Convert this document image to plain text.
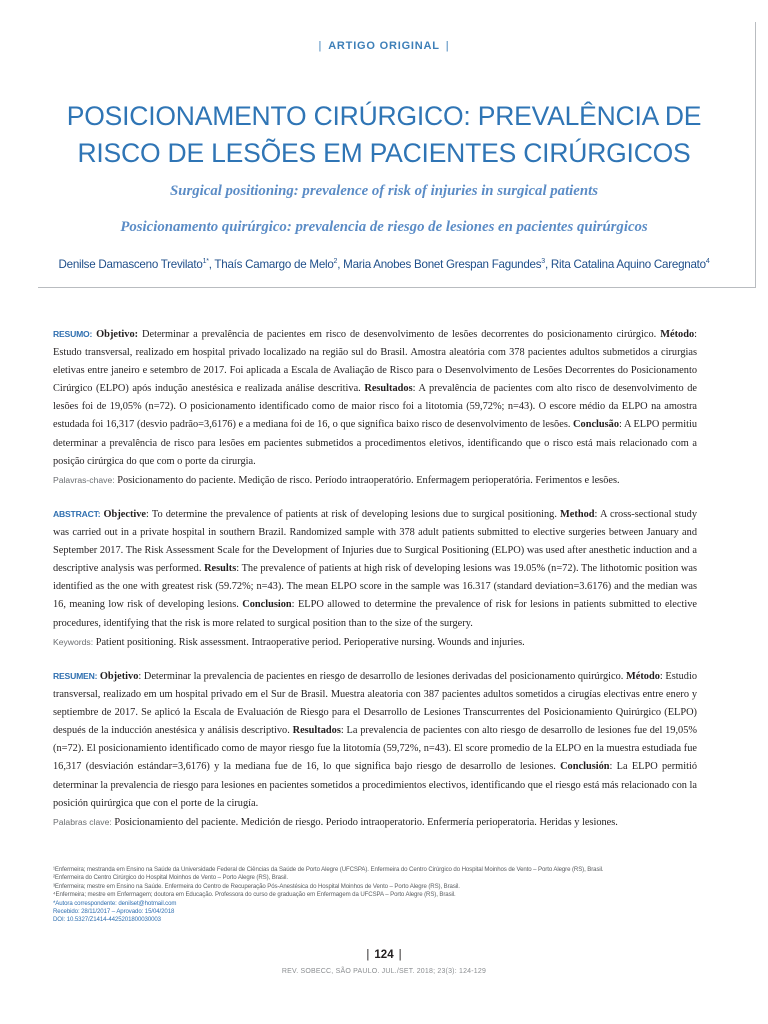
| ARTIGO ORIGINAL |
POSICIONAMENTO CIRÚRGICO: PREVALÊNCIA DE
RISCO DE LESÕES EM PACIENTES CIRÚRGICOS
Surgical positioning: prevalence of risk of injuries in surgical patients
Posicionamento quirúrgico: prevalencia de riesgo de lesiones en pacientes quirúrgicos
Denilse Damasceno Trevilato$^{1*}$, Thaís Camargo de Melo$^2$, Maria Anobes Bonet Grespan Fagundes$^3$, Rita Catalina Aquino Caregnato$^4$
RESUMO: Objetivo: Determinar a prevalência de pacientes em risco de desenvolvimento de lesões decorrentes do posicionamento cirúrgico. Método: Estudo transversal, realizado em hospital privado localizado na região sul do Brasil. Amostra aleatória com 378 pacientes adultos submetidos a cirurgias eletivas entre janeiro e setembro de 2017. Foi aplicada a Escala de Avaliação de Risco para o Desenvolvimento de Lesões Decorrentes do Posicionamento Cirúrgico (ELPO) após indução anestésica e realizada análise descritiva. Resultados: A prevalência de pacientes com alto risco de desenvolvimento de lesões foi de 19,05% (n=72). O posicionamento identificado como de maior risco foi a litotomia (59,72%; n=43). O escore médio da ELPO na amostra estudada foi 16,317 (desvio padrão=3,6176) e a mediana foi de 16, o que significa baixo risco de desenvolvimento de lesões. Conclusão: A ELPO permitiu determinar a prevalência de risco para lesões em pacientes submetidos a procedimentos eletivos, identificando que o risco está mais relacionado com a posição cirúrgica do que com o porte da cirurgia.
Palavras-chave: Posicionamento do paciente. Medição de risco. Período intraoperatório. Enfermagem perioperatória. Ferimentos e lesões.
ABSTRACT: Objective: To determine the prevalence of patients at risk of developing lesions due to surgical positioning. Method: A cross-sectional study was carried out in a private hospital in southern Brazil. Randomized sample with 378 adult patients submitted to elective surgeries between January and September 2017. The Risk Assessment Scale for the Development of Injuries due to Surgical Positioning (ELPO) was used after anesthetic induction and a descriptive analysis was performed. Results: The prevalence of patients at high risk of developing lesions was 19.05% (n=72). The lithotomic position was identified as the one with greatest risk (59.72%; n=43). The mean ELPO score in the sample was 16.317 (standard deviation=3.6176) and the median was 16, meaning low risk of developing lesions. Conclusion: ELPO allowed to determine the prevalence of risk for lesions in patients submitted to elective procedures, identifying that the risk is more related to surgical position than to the size of the surgery.
Keywords: Patient positioning. Risk assessment. Intraoperative period. Perioperative nursing. Wounds and injuries.
RESUMEN: Objetivo: Determinar la prevalencia de pacientes en riesgo de desarrollo de lesiones derivadas del posicionamento quirúrgico. Método: Estudio transversal, realizado em um hospital privado em el Sur de Brasil. Muestra aleatoria con 387 pacientes adultos sometidos a cirugías electivas entre enero y septiembre de 2017. Se aplicó la Escala de Evaluación de Riesgo para el Desarrollo de Lesiones Transcurrentes del Posicionamiento Quirúrgico (ELPO) después de la inducción anestésica y análisis descriptivo. Resultados: La prevalencia de pacientes con alto riesgo de desarrollo de lesiones fue del 19,05% (n=72). El posicionamiento identificado como de mayor riesgo fue la litotomía (59,72%, n=43). El score promedio de la ELPO en la muestra estudiada fue 16,317 (desviación estándar=3,6176) y la mediana fue de 16, lo que significa bajo riesgo de desarrollo de lesiones. Conclusión: La ELPO permitió determinar la prevalencia de riesgo para lesiones en pacientes sometidos a procedimientos electivos, identificando que el riesgo está más relacionado con la posición quirúrgica que con el porte de la cirugía.
Palabras clave: Posicionamiento del paciente. Medición de riesgo. Periodo intraoperatorio. Enfermería perioperatoria. Heridas y lesiones.
¹Enfermeira; mestranda em Ensino na Saúde da Universidade Federal de Ciências da Saúde de Porto Alegre (UFCSPA). Enfermeira do Centro Cirúrgico do Hospital Moinhos de Vento – Porto Alegre (RS), Brasil.
²Enfermeira do Centro Cirúrgico do Hospital Moinhos de Vento – Porto Alegre (RS), Brasil.
³Enfermeira; mestre em Ensino na Saúde. Enfermeira do Centro de Recuperação Pós-Anestésica do Hospital Moinhos de Vento – Porto Alegre (RS), Brasil.
⁴Enfermeira; mestre em Enfermagem; doutora em Educação. Professora do curso de graduação em Enfermagem da UFCSPA – Porto Alegre (RS), Brasil.
*Autora correspondente: denilset@hotmail.com
Recebido: 28/11/2017 – Aprovado: 15/04/2018
DOI: 10.5327/Z1414-4425201800030003
| 124 |
REV. SOBECC, SÃO PAULO. JUL./SET. 2018; 23(3): 124-129
